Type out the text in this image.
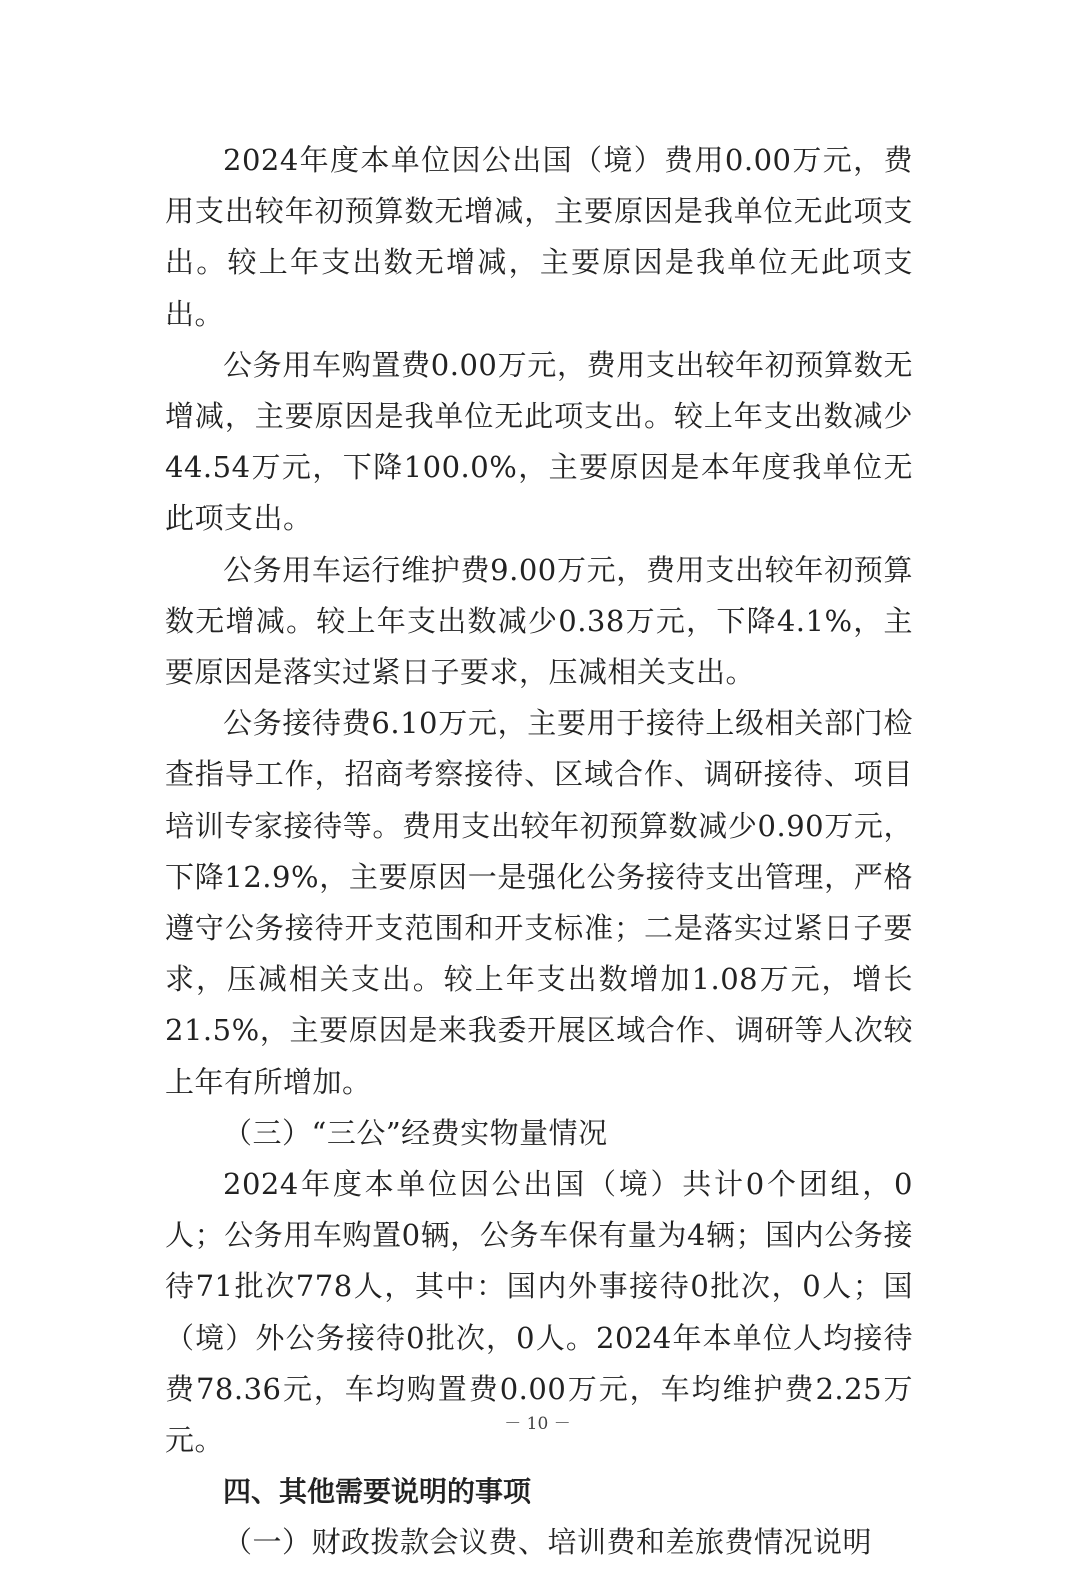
2024年度本单位因公出国（境）费用0.00万元，费用支出较年初预算数无增减，主要原因是我单位无此项支出。较上年支出数无增减，主要原因是我单位无此项支出。

公务用车购置费0.00万元，费用支出较年初预算数无增减，主要原因是我单位无此项支出。较上年支出数减少44.54万元，下降100.0%，主要原因是本年度我单位无此项支出。

公务用车运行维护费9.00万元，费用支出较年初预算数无增减。较上年支出数减少0.38万元，下降4.1%，主要原因是落实过紧日子要求，压减相关支出。

公务接待费6.10万元，主要用于接待上级相关部门检查指导工作，招商考察接待、区域合作、调研接待、项目培训专家接待等。费用支出较年初预算数减少0.90万元，下降12.9%，主要原因一是强化公务接待支出管理，严格遵守公务接待开支范围和开支标准；二是落实过紧日子要求，压减相关支出。较上年支出数增加1.08万元，增长21.5%，主要原因是来我委开展区域合作、调研等人次较上年有所增加。

（三）“三公”经费实物量情况

2024年度本单位因公出国（境）共计0个团组，0人；公务用车购置0辆，公务车保有量为4辆；国内公务接待71批次778人，其中：国内外事接待0批次，0人；国（境）外公务接待0批次，0人。2024年本单位人均接待费78.36元，车均购置费0.00万元，车均维护费2.25万元。

四、其他需要说明的事项

（一）财政拨款会议费、培训费和差旅费情况说明

－ 10 －
